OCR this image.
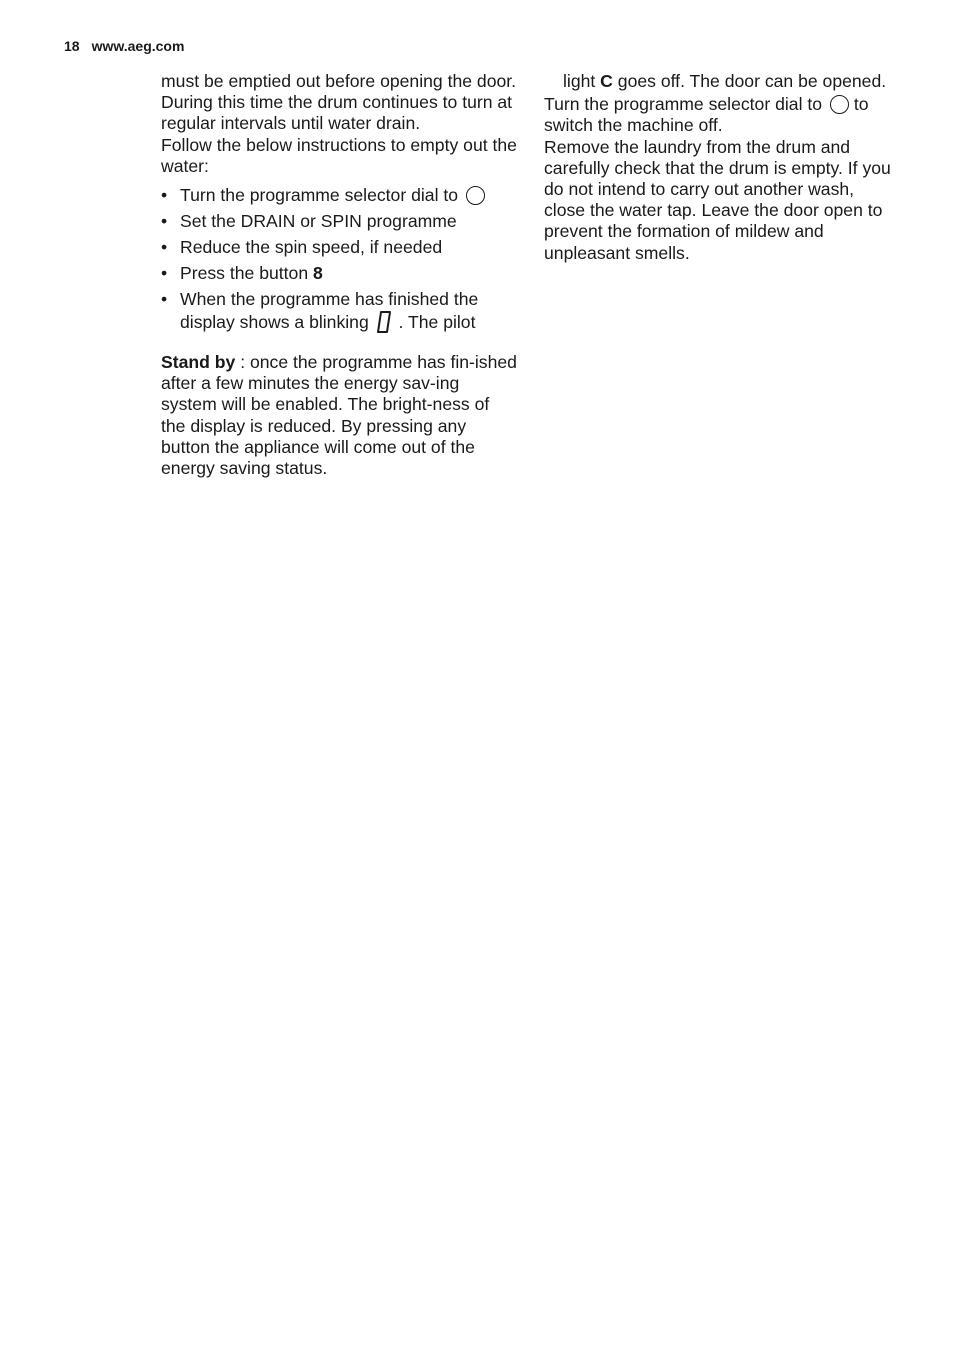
18 www.aeg.com

must be emptied out before opening the door. During this time the drum continues to turn at regular intervals until water drain.

Follow the below instructions to empty out the water:

• Turn the programme selector dial to
• Set the DRAIN or SPIN programme
• Reduce the spin speed, if needed
• Press the button 8
• When the programme has finished the display shows a blinking . The pilot

Stand by : once the programme has fin-ished after a few minutes the energy sav-ing system will be enabled. The bright-ness of the display is reduced. By pressing any button the appliance will come out of the energy saving status.

light C goes off. The door can be opened.

Turn the programme selector dial to to switch the machine off.

Remove the laundry from the drum and carefully check that the drum is empty. If you do not intend to carry out another wash, close the water tap. Leave the door open to prevent the formation of mildew and unpleasant smells.
